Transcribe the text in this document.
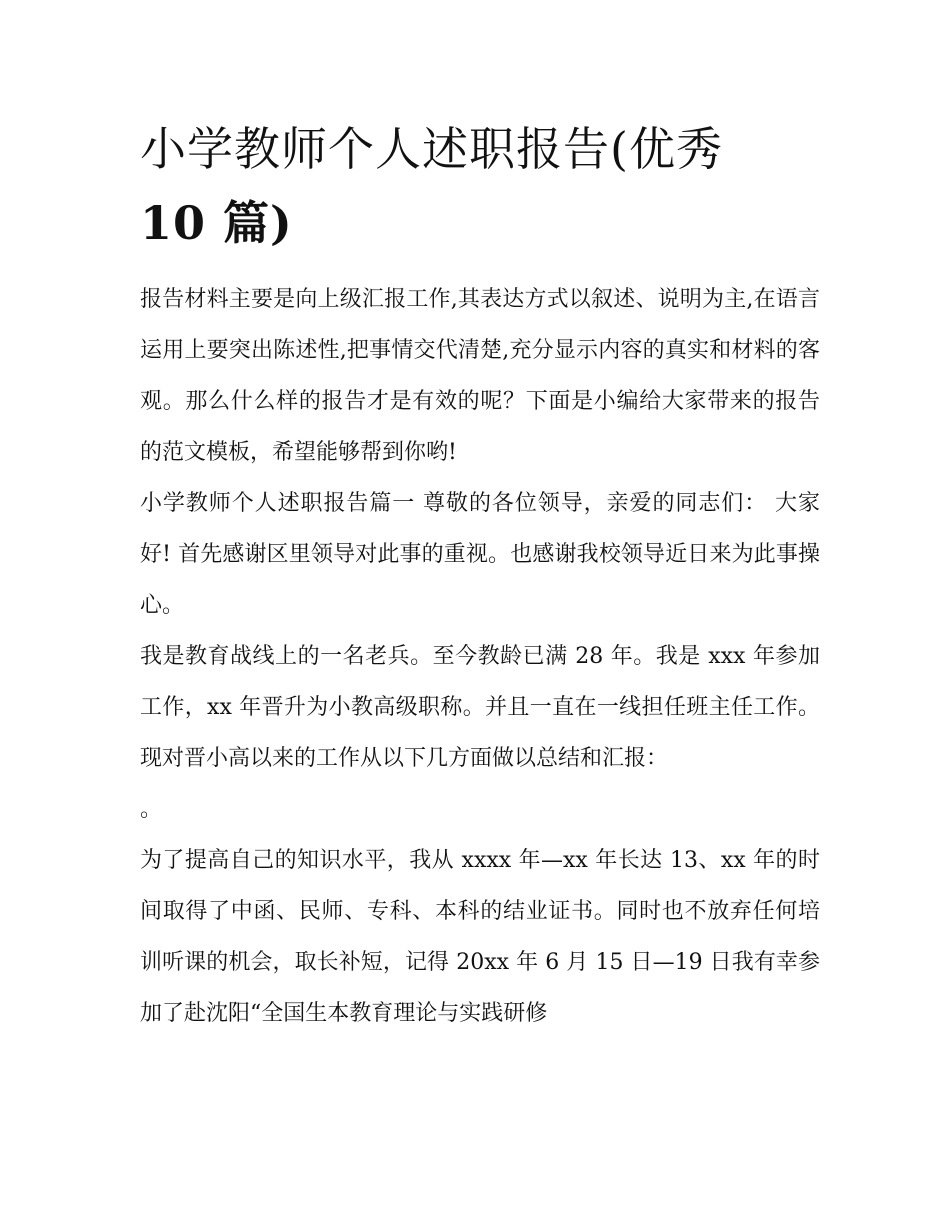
小学教师个人述职报告(优秀
10 篇)

报告材料主要是向上级汇报工作,其表达方式以叙述、说明为主,在语言运用上要突出陈述性,把事情交代清楚,充分显示内容的真实和材料的客观。那么什么样的报告才是有效的呢？下面是小编给大家带来的报告的范文模板，希望能够帮到你哟!

小学教师个人述职报告篇一 尊敬的各位领导，亲爱的同志们： 大家好! 首先感谢区里领导对此事的重视。也感谢我校领导近日来为此事操心。

我是教育战线上的一名老兵。至今教龄已满 28 年。我是 xxx 年参加工作，xx 年晋升为小教高级职称。并且一直在一线担任班主任工作。现对晋小高以来的工作从以下几方面做以总结和汇报：

。

为了提高自己的知识水平，我从 xxxx 年—xx 年长达 13、xx 年的时间取得了中函、民师、专科、本科的结业证书。同时也不放弃任何培训听课的机会，取长补短，记得 20xx 年 6 月 15 日—19 日我有幸参加了赴沈阳“全国生本教育理论与实践研修
